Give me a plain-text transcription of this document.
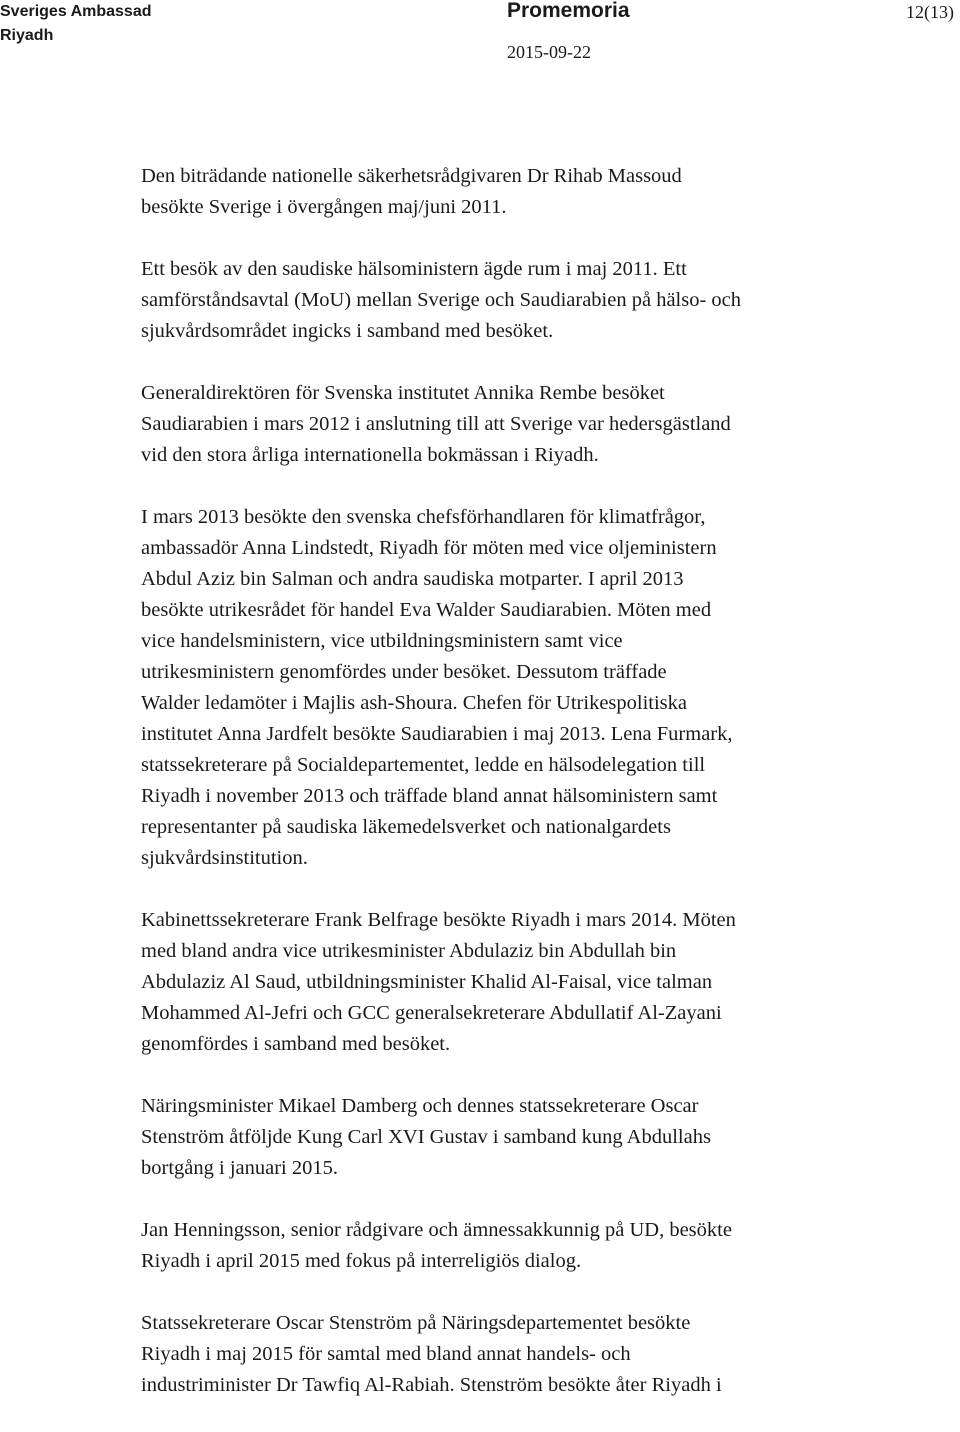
Sveriges Ambassad
Riyadh
Promemoria
2015-09-22
12(13)

Den biträdande nationelle säkerhetsrådgivaren Dr Rihab Massoud
besökte Sverige i övergången maj/juni 2011.

Ett besök av den saudiske hälsoministern ägde rum i maj 2011. Ett
samförståndsavtal (MoU) mellan Sverige och Saudiarabien på hälso- och
sjukvårdsområdet ingicks i samband med besöket.

Generaldirektören för Svenska institutet Annika Rembe besöket
Saudiarabien i mars 2012 i anslutning till att Sverige var hedersgästland
vid den stora årliga internationella bokmässan i Riyadh.

I mars 2013 besökte den svenska chefsförhandlaren för klimatfrågor,
ambassadör Anna Lindstedt, Riyadh för möten med vice oljeministern
Abdul Aziz bin Salman och andra saudiska motparter. I april 2013
besökte utrikesrådet för handel Eva Walder Saudiarabien. Möten med
vice handelsministern, vice utbildningsministern samt vice
utrikesministern genomfördes under besöket. Dessutom träffade
Walder ledamöter i Majlis ash-Shoura. Chefen för Utrikespolitiska
institutet Anna Jardfelt besökte Saudiarabien i maj 2013. Lena Furmark,
statssekreterare på Socialdepartementet, ledde en hälsodelegation till
Riyadh i november 2013 och träffade bland annat hälsoministern samt
representanter på saudiska läkemedelsverket och nationalgardets
sjukvårdsinstitution.

Kabinettssekreterare Frank Belfrage besökte Riyadh i mars 2014. Möten
med bland andra vice utrikesminister Abdulaziz bin Abdullah bin
Abdulaziz Al Saud, utbildningsminister Khalid Al-Faisal, vice talman
Mohammed Al-Jefri och GCC generalsekreterare Abdullatif Al-Zayani
genomfördes i samband med besöket.

Näringsminister Mikael Damberg och dennes statssekreterare Oscar
Stenström åtföljde Kung Carl XVI Gustav i samband kung Abdullahs
bortgång i januari 2015.

Jan Henningsson, senior rådgivare och ämnessakkunnig på UD, besökte
Riyadh i april 2015 med fokus på interreligiös dialog.

Statssekreterare Oscar Stenström på Näringsdepartementet besökte
Riyadh i maj 2015 för samtal med bland annat handels- och
industriminister Dr Tawfiq Al-Rabiah. Stenström besökte åter Riyadh i
